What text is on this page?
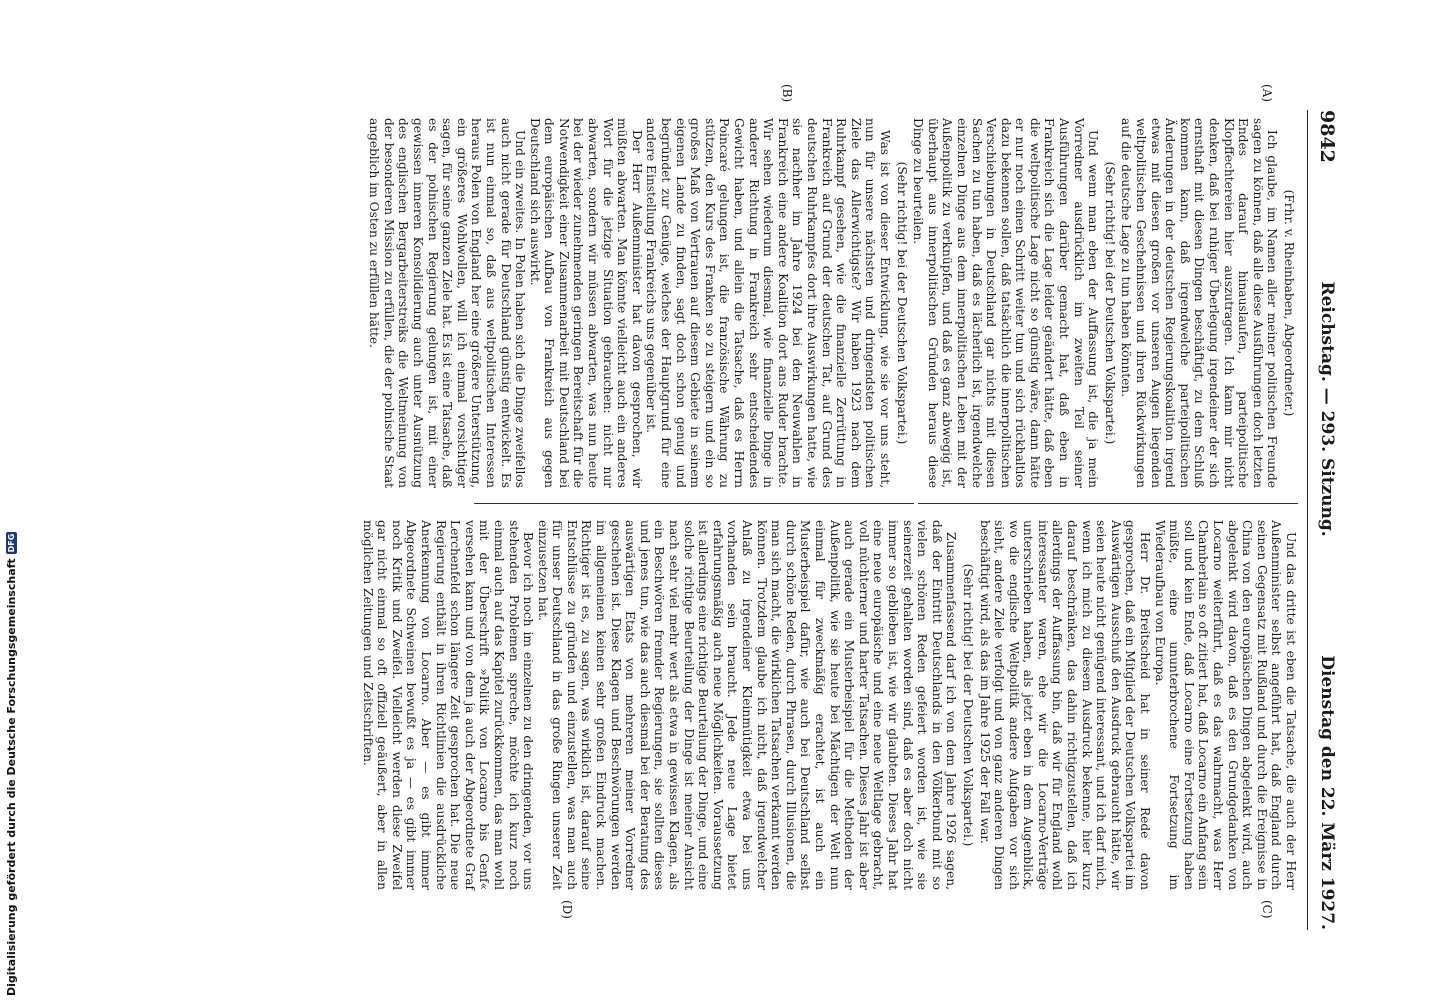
Digitalisierung gefördert durch die Deutsche Forschungsgemeinschaft
DFG
9842
Reichstag. — 293. Sitzung.
Dienstag den 22. März 1927.
(A)
(B)
(C)
(D)

(Frhr. v. Rheinbaben, Abgeordneter.)

Ich glaube, im Namen aller meiner politischen Freunde sagen zu können, daß alle diese Ausführungen doch letzten Endes darauf hinauslaufen, parteipolitische Klopffechtereien hier auszutragen. Ich kann mir nicht denken, daß bei ruhiger Überlegung irgendeiner der sich ernsthaft mit diesen Dingen beschäftigt, zu dem Schluß kommen kann, daß irgendwelche parteipolitischen Änderungen in der deutschen Regierungskoalition irgend etwas mit diesen großen vor unseren Augen liegenden weltpolitischen Geschehnissen und ihren Rückwirkungen auf die deutsche Lage zu tun haben könnten.

(Sehr richtig! bei der Deutschen Volkspartei.)

Und wenn man eben der Auffassung ist, die ja mein Vorredner ausdrücklich im zweiten Teil seiner Ausführungen darüber gemacht hat, daß eben in Frankreich sich die Lage leider geändert hätte, daß eben die weltpolitische Lage nicht so günstig wäre, dann hätte er nur noch einen Schritt weiter tun und sich rückhaltlos dazu bekennen sollen, daß tatsächlich die innerpolitischen Verschiebungen in Deutschland gar nichts mit diesen Sachen zu tun haben, daß es lächerlich ist, irgendwelche einzelnen Dinge aus dem innerpolitischen Leben mit der Außenpolitik zu verknüpfen, und daß es ganz abwegig ist, überhaupt aus innerpolitischen Gründen heraus diese Dinge zu beurteilen.

(Sehr richtig! bei der Deutschen Volkspartei.)

Was ist von dieser Entwicklung, wie sie vor uns steht, nun für unsere nächsten und dringendsten politischen Ziele das Allerwichtigste? Wir haben 1923 nach dem Ruhrkampf gesehen, wie die finanzielle Zerrüttung in Frankreich auf Grund der deutschen Tat, auf Grund des deutschen Ruhrkampfes dort ihre Auswirkungen hatte, wie sie nachher im Jahre 1924 bei den Neuwahlen in Frankreich eine andere Koalition dort ans Ruder brachte. Wir sehen wiederum diesmal, wie finanzielle Dinge in anderer Richtung in Frankreich sehr entscheidendes Gewicht haben, und allein die Tatsache, daß es Herrn Poincaré gelungen ist, die französische Währung zu stützen, den Kurs des Franken so zu steigern und ein so großes Maß von Vertrauen auf diesem Gebiete in seinem eigenen Lande zu finden, sagt doch schon genug und begründet zur Genüge, welches der Hauptgrund für eine andere Einstellung Frankreichs uns gegenüber ist.

Der Herr Außenminister hat davon gesprochen, wir müßten abwarten. Man könnte vielleicht auch ein anderes Wort für die jetzige Situation gebrauchen: nicht nur abwarten, sondern wir müssen abwarten, was nun heute bei der wieder zunehmenden geringen Bereitschaft für die Notwendigkeit einer Zusammenarbeit mit Deutschland bei dem europäischen Aufbau von Frankreich aus gegen Deutschland sich auswirkt.

Und ein zweites. In Polen haben sich die Dinge zweifellos auch nicht gerade für Deutschland günstig entwickelt. Es ist nun einmal so, daß aus weltpolitischen Interessen heraus Polen von England her eine größere Unterstützung, ein größeres Wohlwollen, will ich einmal vorsichtiger sagen, für seine ganzen Ziele hat. Es ist eine Tatsache, daß es der polnischen Regierung gelungen ist, mit einer gewissen inneren Konsolidierung auch unter Ausnützung des englischen Bergarbeiterstreiks die Weltmeinung von der besonderen Mission zu erfüllen, die der polnische Staat angeblich im Osten zu erfüllen hätte.

Und das dritte ist eben die Tatsache, die auch der Herr Außenminister selbst angeführt hat, daß England durch seinen Gegensatz mit Rußland und durch die Ereignisse in China von den europäischen Dingen abgelenkt wird, auch abgelenkt wird davon, daß es den Grundgedanken von Locarno weiterführt, daß es das wahrmacht, was Herr Chamberlain so oft zitiert hat, daß Locarno ein Anfang sein soll und kein Ende, daß Locarno eine Fortsetzung haben müßte, eine ununterbrochene Fortsetzung im Wiederaufbau von Europa.

Herr Dr. Breitscheid hat in seiner Rede davon gesprochen, daß ein Mitglied der Deutschen Volkspartei im Auswärtigen Ausschuß den Ausdruck gebraucht hätte, wir seien heute nicht genügend interessant, und ich darf mich, wenn ich mich zu diesem Ausdruck bekenne, hier kurz darauf beschränken, das dahin richtigzustellen, daß ich allerdings der Auffassung bin, daß wir für England wohl interessanter waren, ehe wir die Locarno-Verträge unterschrieben haben, als jetzt eben in dem Augenblick, wo die englische Weltpolitik andere Aufgaben vor sich sieht, andere Ziele verfolgt und von ganz anderen Dingen beschäftigt wird, als das im Jahre 1925 der Fall war.

(Sehr richtig! bei der Deutschen Volkspartei.)

Zusammenfassend darf ich von dem Jahre 1926 sagen, daß der Eintritt Deutschlands in den Völkerbund mit so vielen schönen Reden gefeiert worden ist, wie sie seinerzeit gehalten worden sind, daß es aber doch nicht immer so geblieben ist, wie wir glaubten. Dieses Jahr hat eine neue europäische und eine neue Weltlage gebracht, voll nüchterner und harter Tatsachen. Dieses Jahr ist aber auch gerade ein Musterbeispiel für die Methoden der Außenpolitik, wie sie heute bei Mächtigen der Welt nun einmal für zweckmäßig erachtet, ist auch ein Musterbeispiel dafür, wie auch bei Deutschland selbst durch schöne Reden, durch Phrasen, durch Illusionen, die man sich macht, die wirklichen Tatsachen verkannt werden können. Trotzdem glaube ich nicht, daß irgendwelcher Anlaß zu irgendeiner Kleinmütigkeit etwa bei uns vorhanden sein braucht. Jede neue Lage bietet erfahrungsmäßig auch neue Möglichkeiten. Voraussetzung ist allerdings eine richtige Beurteilung der Dinge, und eine solche richtige Beurteilung der Dinge ist meiner Ansicht nach sehr viel mehr wert als etwa in gewissen Klagen, als ein Beschwören fremder Regierungen, sie sollten dieses und jenes tun, wie das auch diesmal bei der Beratung des auswärtigen Etats von mehreren meiner Vorredner geschehen ist. Diese Klagen und Beschwörungen werden im allgemeinen keinen sehr großen Eindruck machen. Richtiger ist es, zu sagen, was wirklich ist, darauf seine Entschlüsse zu gründen und einzustellen, was man auch für unser Deutschland in das große Ringen unserer Zeit einzusetzen hat.

Bevor ich noch im einzelnen zu den dringenden, vor uns stehenden Problemen spreche, möchte ich kurz noch einmal auch auf das Kapitel zurückkommen, das man wohl mit der Überschrift »Politik von Locarno bis Genf« versehen kann und von dem ja auch der Abgeordnete Graf Lerchenfeld schon längere Zeit gesprochen hat. Die neue Regierung enthält in ihren Richtlinien die ausdrückliche Anerkennung von Locarno. Aber — es gibt immer Abgeordnete Schweinen bewußt es ja — es gibt immer noch Kritik und Zweifel. Vielleicht werden diese Zweifel gar nicht einmal so oft offiziell geäußert, aber in allen möglichen Zeitungen und Zeitschriften.
